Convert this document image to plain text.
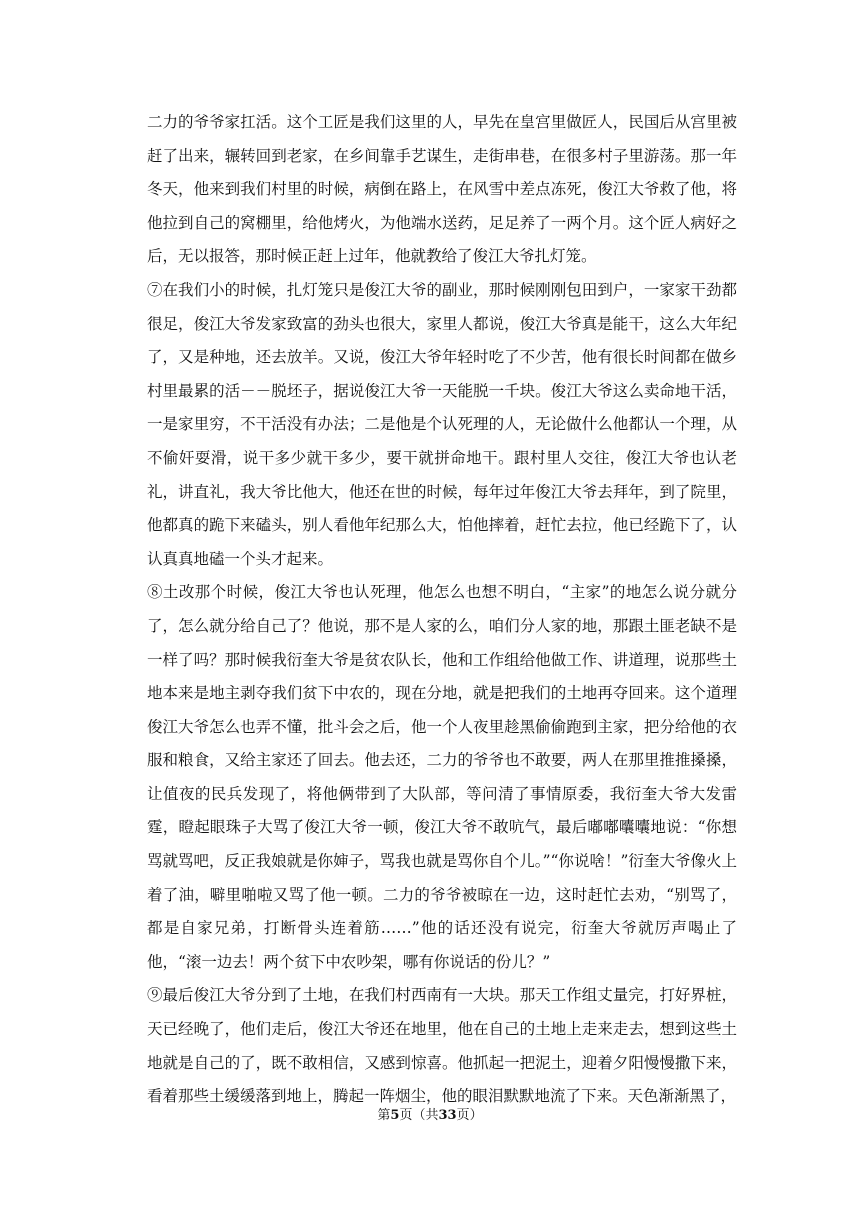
二力的爷爷家扛活。这个工匠是我们这里的人，早先在皇宫里做匠人，民国后从宫里被赶了出来，辗转回到老家，在乡间靠手艺谋生，走街串巷，在很多村子里游荡。那一年冬天，他来到我们村里的时候，病倒在路上，在风雪中差点冻死，俊江大爷救了他，将他拉到自己的窝棚里，给他烤火，为他端水送药，足足养了一两个月。这个匠人病好之后，无以报答，那时候正赶上过年，他就教给了俊江大爷扎灯笼。

⑦在我们小的时候，扎灯笼只是俊江大爷的副业，那时候刚刚包田到户，一家家干劲都很足，俊江大爷发家致富的劲头也很大，家里人都说，俊江大爷真是能干，这么大年纪了，又是种地，还去放羊。又说，俊江大爷年轻时吃了不少苦，他有很长时间都在做乡村里最累的活－－脱坯子，据说俊江大爷一天能脱一千块。俊江大爷这么卖命地干活，一是家里穷，不干活没有办法；二是他是个认死理的人，无论做什么他都认一个理，从不偷奸耍滑，说干多少就干多少，要干就拼命地干。跟村里人交往，俊江大爷也认老礼，讲直礼，我大爷比他大，他还在世的时候，每年过年俊江大爷去拜年，到了院里，他都真的跪下来磕头，别人看他年纪那么大，怕他摔着，赶忙去拉，他已经跪下了，认认真真地磕一个头才起来。

⑧土改那个时候，俊江大爷也认死理，他怎么也想不明白，“主家”的地怎么说分就分了，怎么就分给自己了？他说，那不是人家的么，咱们分人家的地，那跟土匪老缺不是一样了吗？那时候我衍奎大爷是贫农队长，他和工作组给他做工作、讲道理，说那些土地本来是地主剥夺我们贫下中农的，现在分地，就是把我们的土地再夺回来。这个道理俊江大爷怎么也弄不懂，批斗会之后，他一个人夜里趁黑偷偷跑到主家，把分给他的衣服和粮食，又给主家还了回去。他去还，二力的爷爷也不敢要，两人在那里推推搡搡，让值夜的民兵发现了，将他俩带到了大队部，等问清了事情原委，我衍奎大爷大发雷霆，瞪起眼珠子大骂了俊江大爷一顿，俊江大爷不敢吭气，最后嘟嘟囔囔地说：“你想骂就骂吧，反正我娘就是你婶子，骂我也就是骂你自个儿。”“你说啥！”衍奎大爷像火上着了油，噼里啪啦又骂了他一顿。二力的爷爷被晾在一边，这时赶忙去劝，“别骂了，都是自家兄弟，打断骨头连着筋……”他的话还没有说完，衍奎大爷就厉声喝止了他，“滚一边去！两个贫下中农吵架，哪有你说话的份儿？”

⑨最后俊江大爷分到了土地，在我们村西南有一大块。那天工作组丈量完，打好界桩，天已经晚了，他们走后，俊江大爷还在地里，他在自己的土地上走来走去，想到这些土地就是自己的了，既不敢相信，又感到惊喜。他抓起一把泥土，迎着夕阳慢慢撒下来，看着那些土缓缓落到地上，腾起一阵烟尘，他的眼泪默默地流了下来。天色渐渐黑了，

第5页（共33页）
